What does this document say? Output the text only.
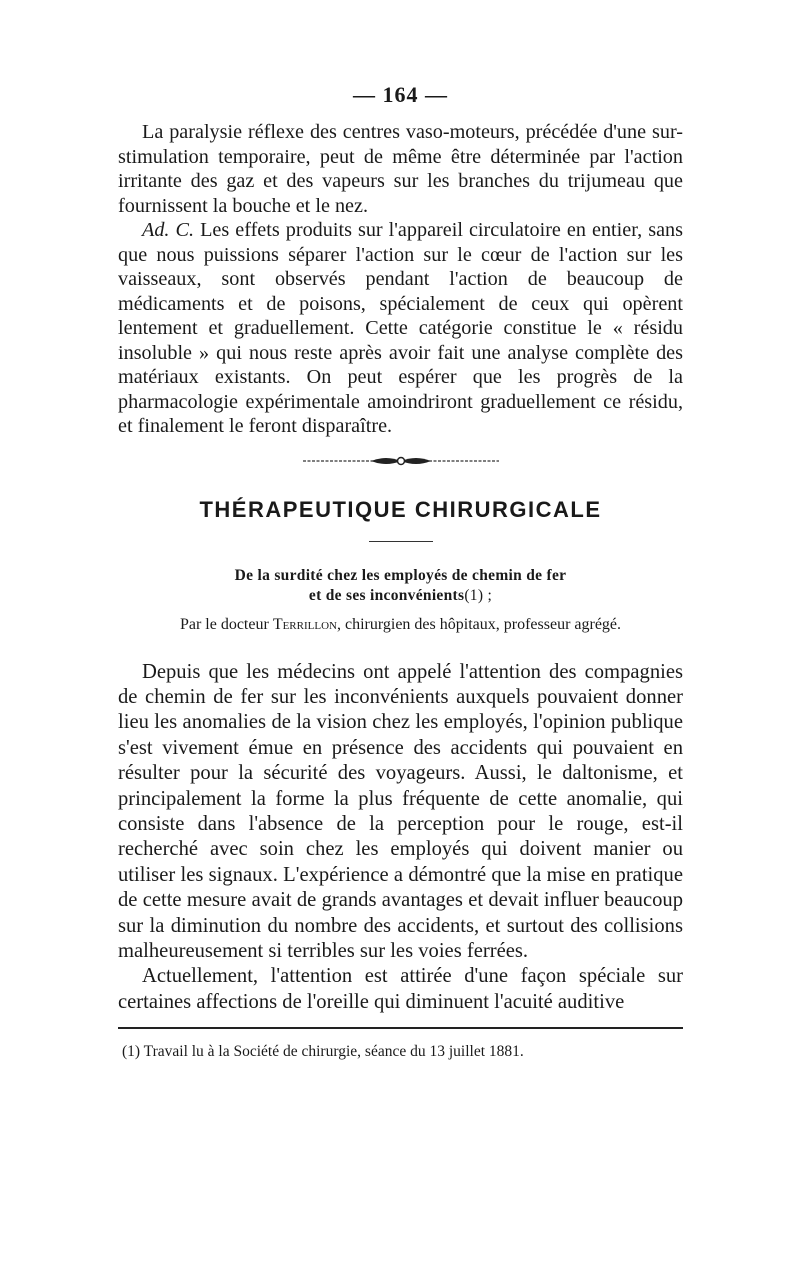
— 164 —

La paralysie réflexe des centres vaso-moteurs, précédée d'une sur-stimulation temporaire, peut de même être déterminée par l'action irritante des gaz et des vapeurs sur les branches du trijumeau que fournissent la bouche et le nez.

Ad. C. Les effets produits sur l'appareil circulatoire en entier, sans que nous puissions séparer l'action sur le cœur de l'action sur les vaisseaux, sont observés pendant l'action de beaucoup de médicaments et de poisons, spécialement de ceux qui opèrent lentement et graduellement. Cette catégorie constitue le « résidu insoluble » qui nous reste après avoir fait une analyse complète des matériaux existants. On peut espérer que les progrès de la pharmacologie expérimentale amoindriront graduellement ce résidu, et finalement le feront disparaître.

THÉRAPEUTIQUE CHIRURGICALE
De la surdité chez les employés de chemin de fer
et de ses inconvénients(1) ;
Par le docteur Terrillon, chirurgien des hôpitaux, professeur agrégé.

Depuis que les médecins ont appelé l'attention des compagnies de chemin de fer sur les inconvénients auxquels pouvaient donner lieu les anomalies de la vision chez les employés, l'opinion publique s'est vivement émue en présence des accidents qui pouvaient en résulter pour la sécurité des voyageurs. Aussi, le daltonisme, et principalement la forme la plus fréquente de cette anomalie, qui consiste dans l'absence de la perception pour le rouge, est-il recherché avec soin chez les employés qui doivent manier ou utiliser les signaux. L'expérience a démontré que la mise en pratique de cette mesure avait de grands avantages et devait influer beaucoup sur la diminution du nombre des accidents, et surtout des collisions malheureusement si terribles sur les voies ferrées.

Actuellement, l'attention est attirée d'une façon spéciale sur certaines affections de l'oreille qui diminuent l'acuité auditive

(1) Travail lu à la Société de chirurgie, séance du 13 juillet 1881.
